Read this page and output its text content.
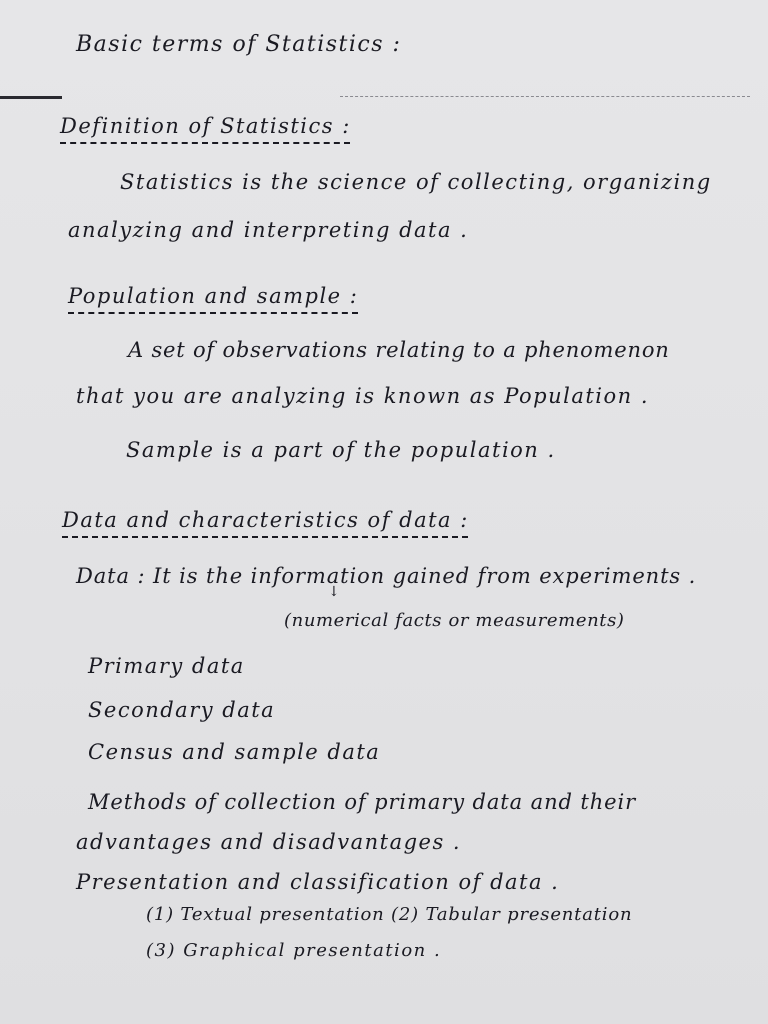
Basic terms of Statistics :
Definition of Statistics :
Statistics is the science of collecting, organizing
analyzing and interpreting data .
Population and sample :
A set of observations relating to a phenomenon
that you are analyzing is known as Population .
Sample is a part of the population .
Data and characteristics of data :
Data : It is the information gained from experiments .
↓
(numerical facts or measurements)
Primary data
Secondary data
Census and sample data
Methods of collection of primary data and their
advantages and disadvantages .
Presentation and classification of data .
(1) Textual presentation (2) Tabular presentation
(3) Graphical presentation .
